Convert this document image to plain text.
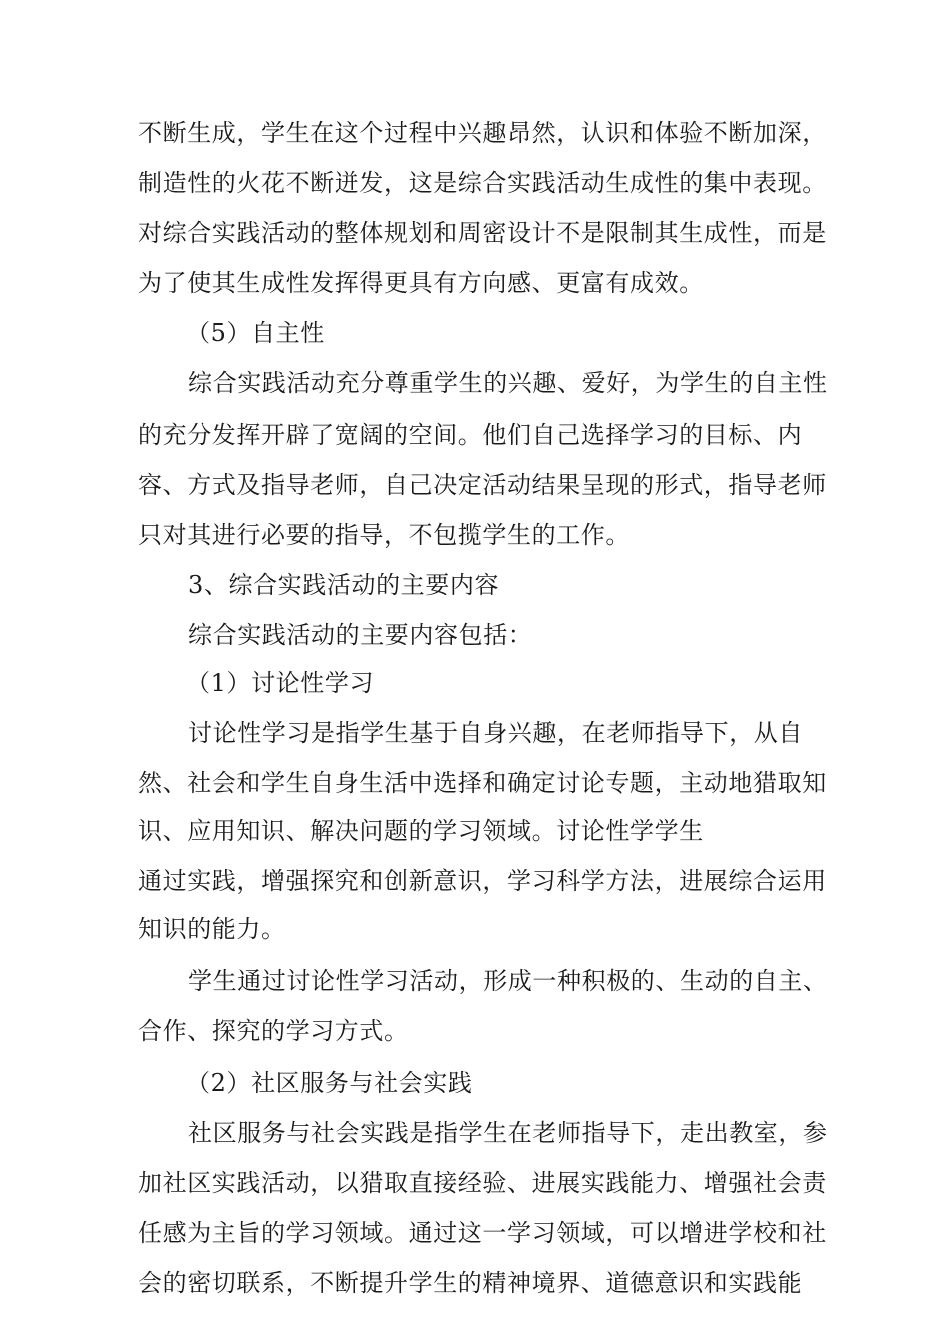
不断生成，学生在这个过程中兴趣昂然，认识和体验不断加深，
制造性的火花不断迸发，这是综合实践活动生成性的集中表现。
对综合实践活动的整体规划和周密设计不是限制其生成性，而是
为了使其生成性发挥得更具有方向感、更富有成效。
（5）自主性
综合实践活动充分尊重学生的兴趣、爱好，为学生的自主性
的充分发挥开辟了宽阔的空间。他们自己选择学习的目标、内
容、方式及指导老师，自己决定活动结果呈现的形式，指导老师
只对其进行必要的指导，不包揽学生的工作。
3、综合实践活动的主要内容
综合实践活动的主要内容包括：
（1）讨论性学习
讨论性学习是指学生基于自身兴趣，在老师指导下，从自
然、社会和学生自身生活中选择和确定讨论专题，主动地猎取知
识、应用知识、解决问题的学习领域。讨论性学学生
通过实践，增强探究和创新意识，学习科学方法，进展综合运用
知识的能力。
学生通过讨论性学习活动，形成一种积极的、生动的自主、
合作、探究的学习方式。
（2）社区服务与社会实践
社区服务与社会实践是指学生在老师指导下，走出教室，参
加社区实践活动，以猎取直接经验、进展实践能力、增强社会责
任感为主旨的学习领域。通过这一学习领域，可以增进学校和社
会的密切联系，不断提升学生的精神境界、道德意识和实践能
